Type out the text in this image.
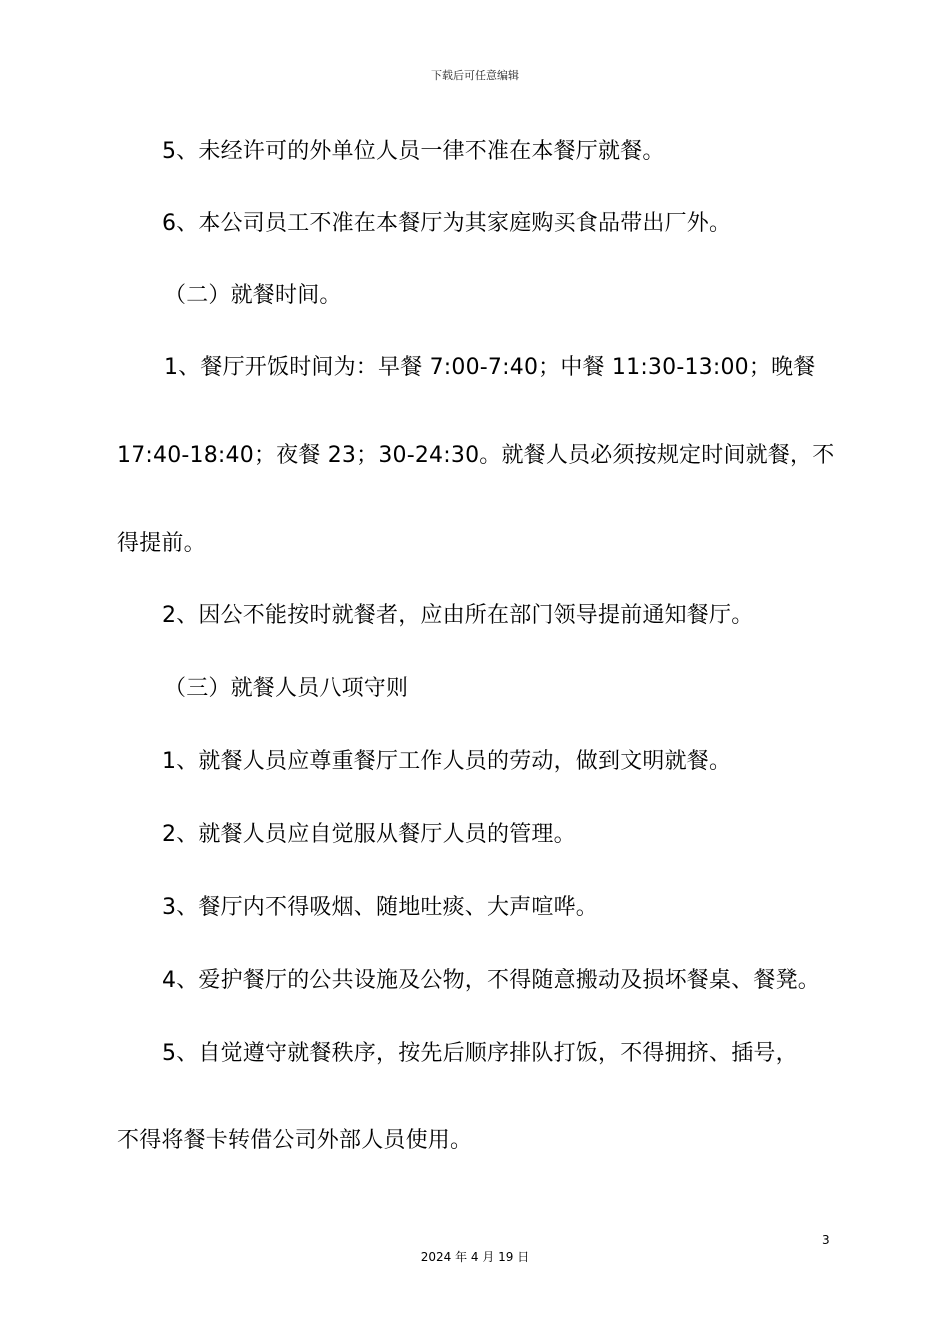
下载后可任意编辑
5、未经许可的外单位人员一律不准在本餐厅就餐。
6、本公司员工不准在本餐厅为其家庭购买食品带出厂外。
（二）就餐时间。
1、餐厅开饭时间为：早餐 7:00-7:40；中餐 11:30-13:00；晚餐
17:40-18:40；夜餐 23；30-24:30。就餐人员必须按规定时间就餐，不
得提前。
2、因公不能按时就餐者，应由所在部门领导提前通知餐厅。
（三）就餐人员八项守则
1、就餐人员应尊重餐厅工作人员的劳动，做到文明就餐。
2、就餐人员应自觉服从餐厅人员的管理。
3、餐厅内不得吸烟、随地吐痰、大声喧哗。
4、爱护餐厅的公共设施及公物，不得随意搬动及损坏餐桌、餐凳。
5、自觉遵守就餐秩序，按先后顺序排队打饭，不得拥挤、插号，
不得将餐卡转借公司外部人员使用。
3
2024 年 4 月 19 日
